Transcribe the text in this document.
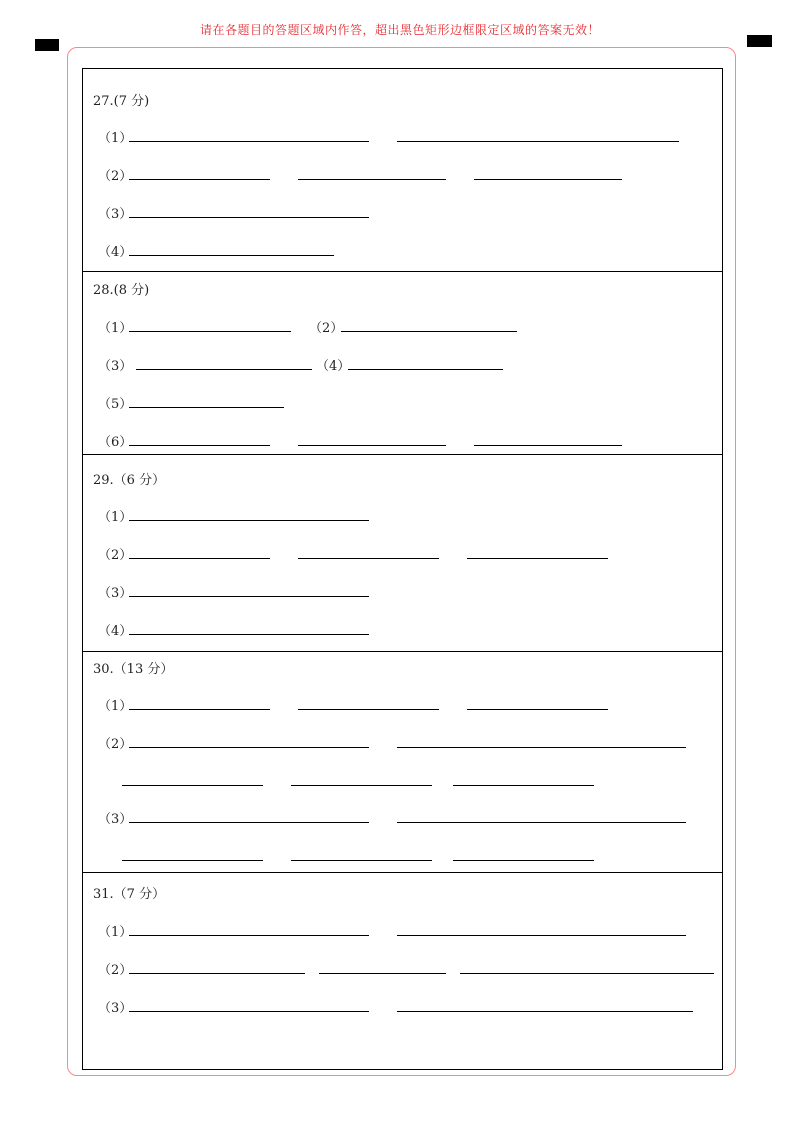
请在各题目的答题区域内作答，超出黑色矩形边框限定区域的答案无效！
27.(7 分)
（1）
（2）
（3）
（4）
28.(8 分)
（1）	（2）
（3）	（4）
（5）
（6）
29.（6 分）
（1）
（2）
（3）
（4）
30.（13 分）
（1）
（2）
（3）
31.（7 分）
（1）
（2）
（3）
